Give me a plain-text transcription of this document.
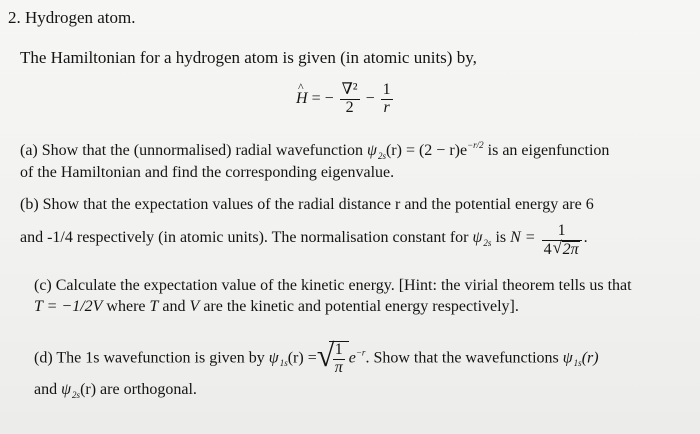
2. Hydrogen atom.
The Hamiltonian for a hydrogen atom is given (in atomic units) by,
^ H = − $\frac{\text{∇²}}{2} - \frac{1}{r}$
(a) Show that the (unnormalised) radial wavefunction $\psi_{2s}(r) = (2 - r)e^{-r/2}$ is an eigenfunction
of the Hamiltonian and find the corresponding eigenvalue.
(b) Show that the expectation values of the radial distance r and the potential energy are 6
and -1/4 respectively (in atomic units). The normalisation constant for $\psi_{2s}$ is $N = \frac{1}{4 √ 2\pi}$ .
(c) Calculate the expectation value of the kinetic energy. [Hint: the virial theorem tells us that
T = −1/2V where T and V are the kinetic and potential energy respectively].
(d) The 1s wavefunction is given by $\psi_{1s}(r)$ = √
$\frac{1}{\pi} e^{-r}$. Show that the wavefunctions $\psi_{1s}(r)$
and $\psi_{2s}(r)$ are orthogonal.
